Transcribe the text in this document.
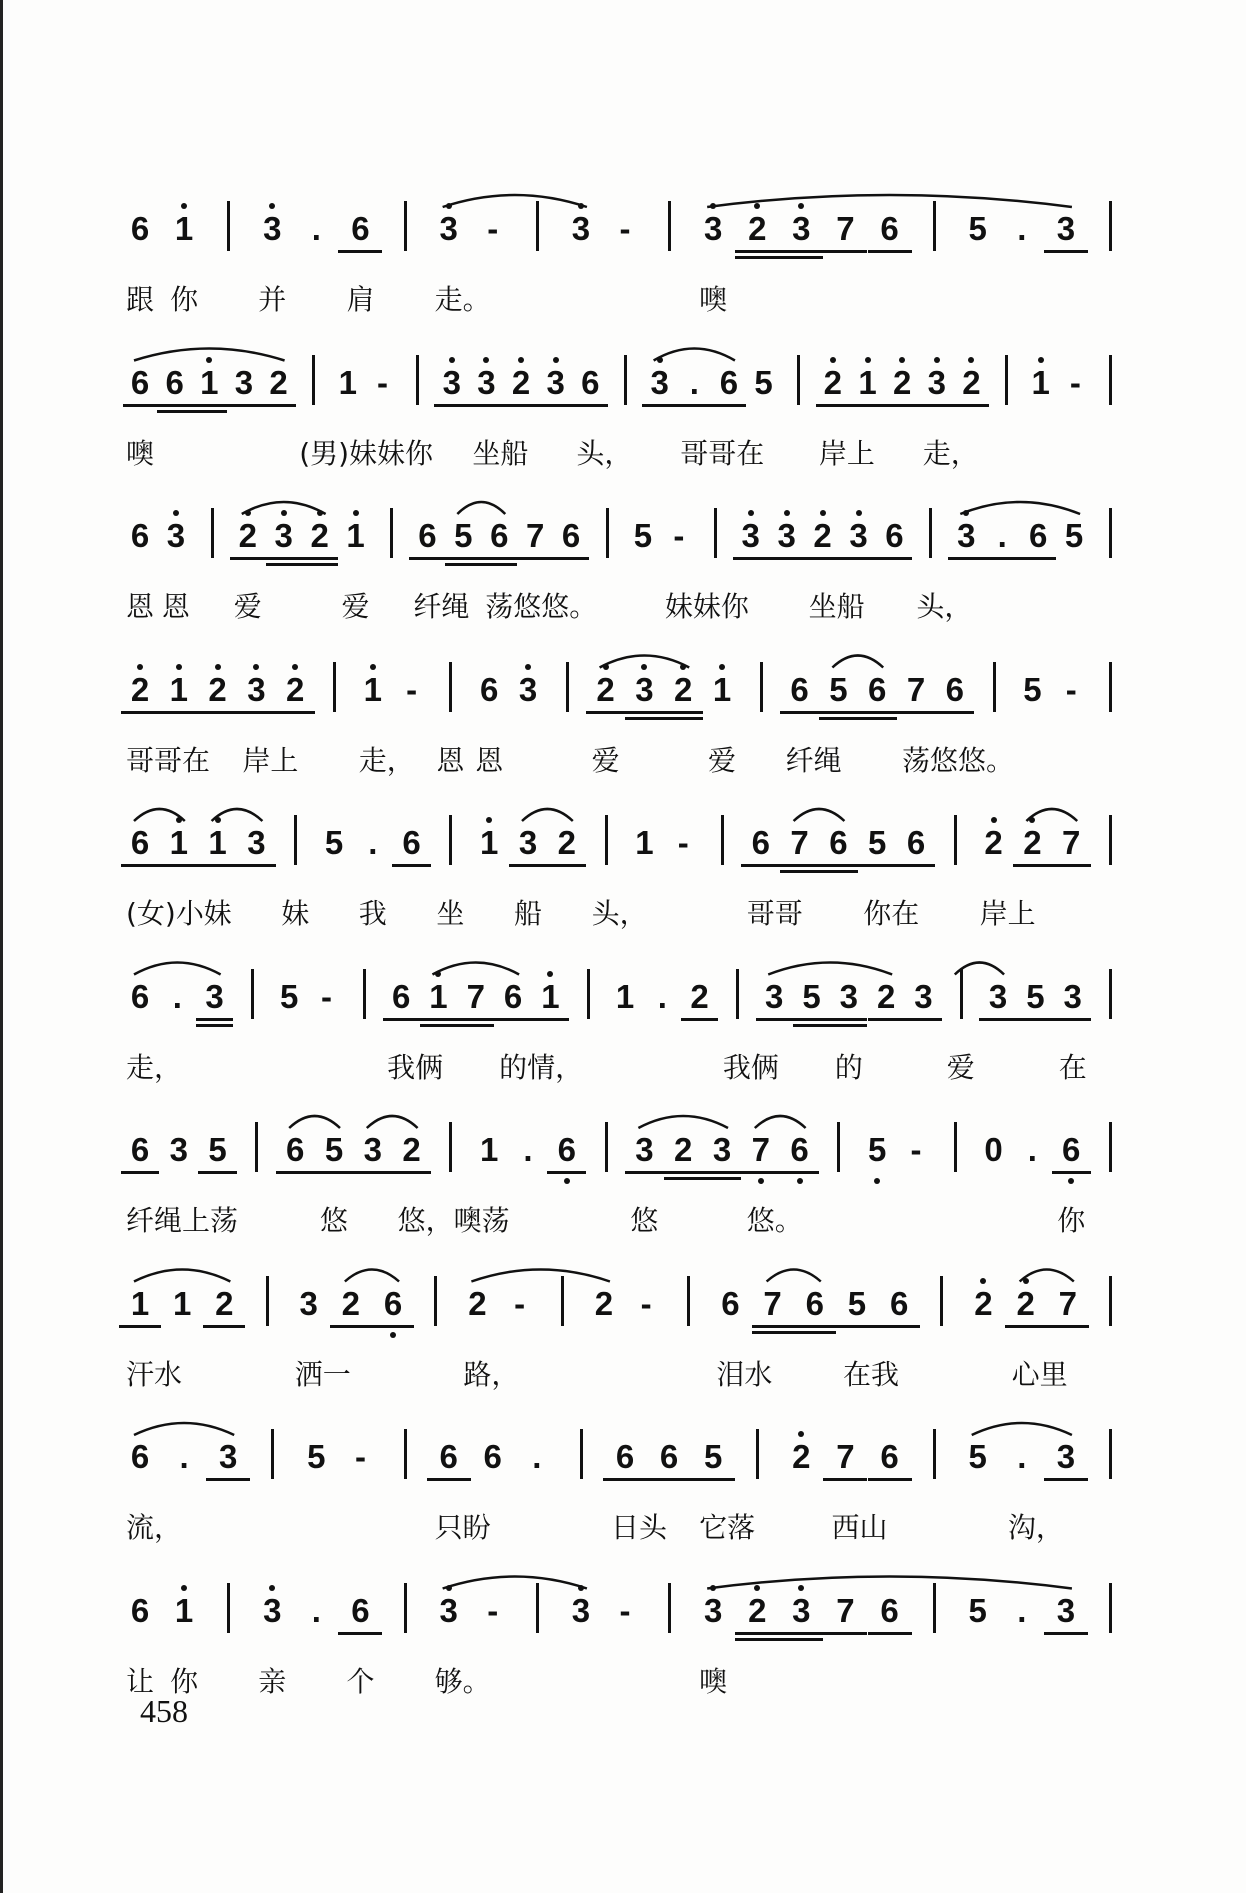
6 1 3 . 6 3 - 3 - 3 2 3 7 6 5 . 3
跟 你 并 肩 走。	噢
6 6 1 3 2 1 - 3 3 2 3 6 3 . 6 5 2 1 2 3 2 1 -
噢	(男)妹妹你 坐船 头， 哥哥在 岸上 走，
6 3 2 3 2 1 6 5 6 7 6 5 - 3 3 2 3 6 3 . 6 5
恩 恩 爱	爱 纤绳 荡悠悠。 妹妹你 坐船 头，
2 1 2 3 2 1 - 6 3 2 3 2 1 6 5 6 7 6 5 -
哥哥在 岸上 走， 恩 恩	爱	爱 纤绳 荡悠悠。
6 1 1 3 5 . 6 1 3 2 1 - 6 7 6 5 6 2 2 7
(女)小 妹 妹 我 坐 船 头，	哥哥 你在 岸上
6 . 3 5 - 6 1 7 6 1 1 . 2 3 5 3 2 3 3 5 3
走，	我俩 的情，	我俩 的	爱	在
6 3 5 6 5 3 2 1 . 6 3 2 3 7 6 5 - 0 . 6
纤绳上荡	悠 悠，噢荡	悠	悠。	你
1 1 2 3 2 6 2 - 2 - 6 7 6 5 6 2 2 7
汗水	洒一	路，	泪水	在我	心里
6 . 3 5 - 6 6 . 6 6 5 2 7 6 5 . 3
流，	只盼	日头 它落	西山	沟，
6 1 3 . 6 3 - 3 - 3 2 3 7 6 5 . 3
让 你 亲 个 够。	噢
458
